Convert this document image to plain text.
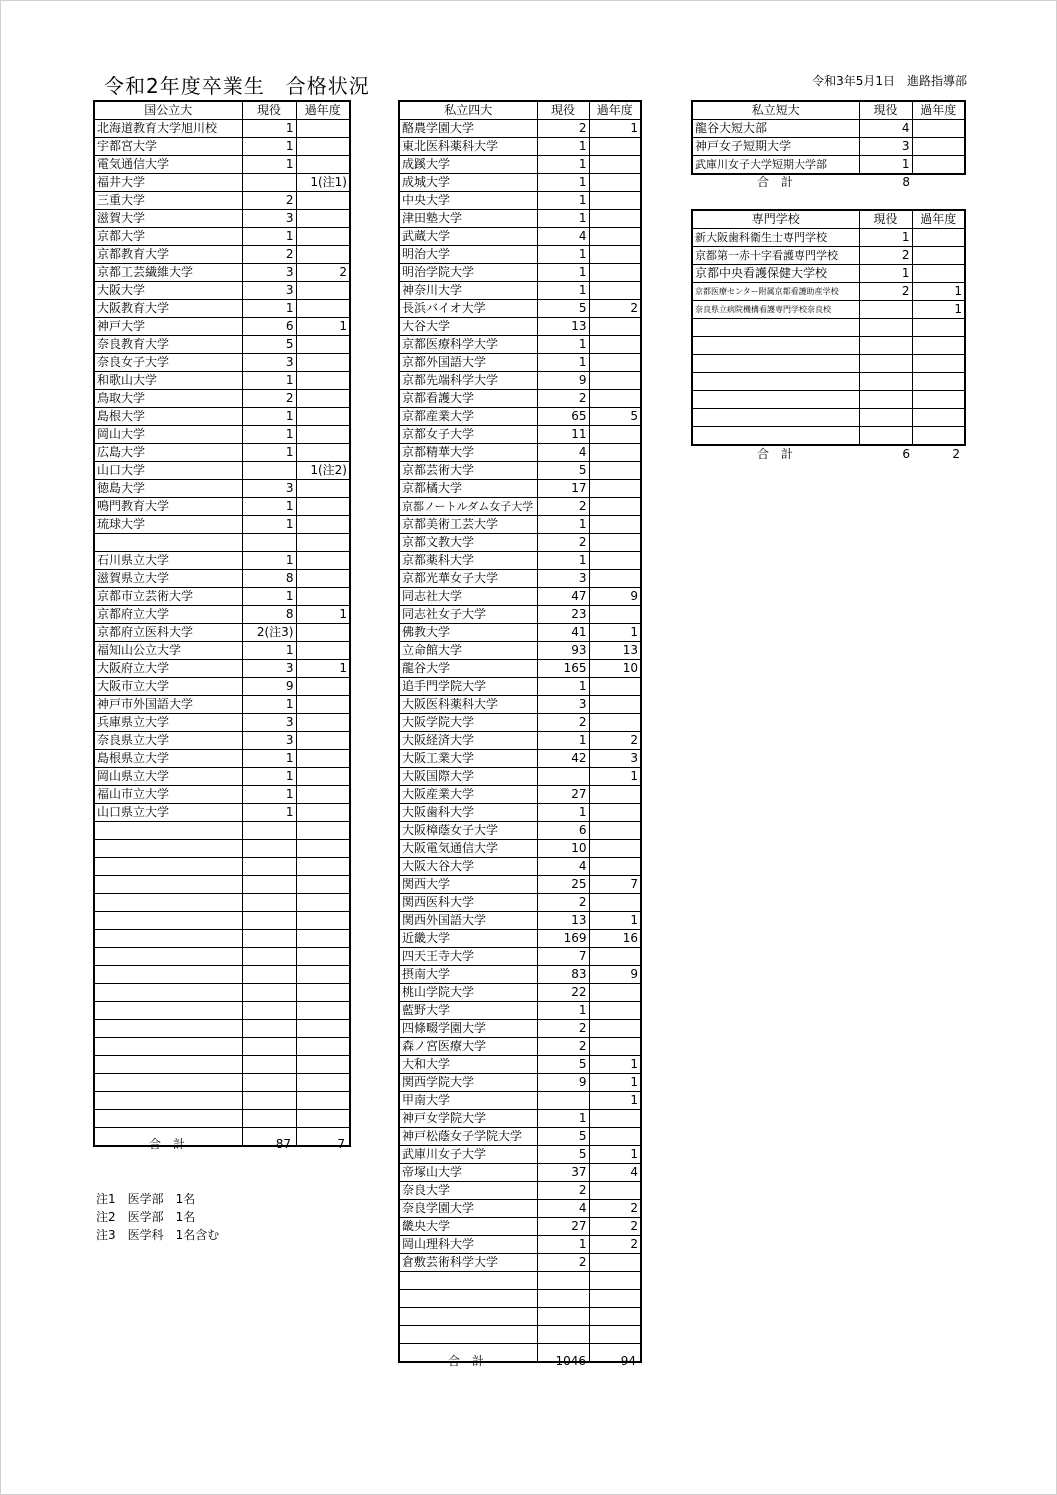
令和2年度卒業生　合格状況	令和3年5月1日　進路指導部
国公立大	現役	過年度
北海道教育大学旭川校	1	
宇都宮大学	1	
電気通信大学	1	
福井大学		1(注1)
三重大学	2	
滋賀大学	3	
京都大学	1	
京都教育大学	2	
京都工芸繊維大学	3	2
大阪大学	3	
大阪教育大学	1	
神戸大学	6	1
奈良教育大学	5	
奈良女子大学	3	
和歌山大学	1	
鳥取大学	2	
島根大学	1	
岡山大学	1	
広島大学	1	
山口大学		1(注2)
徳島大学	3	
鳴門教育大学	1	
琉球大学	1	

石川県立大学	1	
滋賀県立大学	8	
京都市立芸術大学	1	
京都府立大学	8	1
京都府立医科大学	2(注3)	
福知山公立大学	1	
大阪府立大学	3	1
大阪市立大学	9	
神戸市外国語大学	1	
兵庫県立大学	3	
奈良県立大学	3	
島根県立大学	1	
岡山県立大学	1	
福山市立大学	1	
山口県立大学	1	

合　計	87	7
私立四大	現役	過年度
酪農学園大学	2	1
東北医科薬科大学	1	
成蹊大学	1	
成城大学	1	
中央大学	1	
津田塾大学	1	
武蔵大学	4	
明治大学	1	
明治学院大学	1	
神奈川大学	1	
長浜バイオ大学	5	2
大谷大学	13	
京都医療科学大学	1	
京都外国語大学	1	
京都先端科学大学	9	
京都看護大学	2	
京都産業大学	65	5
京都女子大学	11	
京都精華大学	4	
京都芸術大学	5	
京都橘大学	17	
京都ノートルダム女子大学	2	
京都美術工芸大学	1	
京都文教大学	2	
京都薬科大学	1	
京都光華女子大学	3	
同志社大学	47	9
同志社女子大学	23	
佛教大学	41	1
立命館大学	93	13
龍谷大学	165	10
追手門学院大学	1	
大阪医科薬科大学	3	
大阪学院大学	2	
大阪経済大学	1	2
大阪工業大学	42	3
大阪国際大学		1
大阪産業大学	27	
大阪歯科大学	1	
大阪樟蔭女子大学	6	
大阪電気通信大学	10	
大阪大谷大学	4	
関西大学	25	7
関西医科大学	2	
関西外国語大学	13	1
近畿大学	169	16
四天王寺大学	7	
摂南大学	83	9
桃山学院大学	22	
藍野大学	1	
四條畷学園大学	2	
森ノ宮医療大学	2	
大和大学	5	1
関西学院大学	9	1
甲南大学		1
神戸女学院大学	1	
神戸松蔭女子学院大学	5	
武庫川女子大学	5	1
帝塚山大学	37	4
奈良大学	2	
奈良学園大学	4	2
畿央大学	27	2
岡山理科大学	1	2
倉敷芸術科学大学	2	

合　計	1046	94
私立短大	現役	過年度
龍谷大短大部	4	
神戸女子短期大学	3	
武庫川女子大学短期大学部	1	
合　計	8
専門学校	現役	過年度
新大阪歯科衛生士専門学校	1	
京都第一赤十字看護専門学校	2	
京都中央看護保健大学校	1	
京都医療センター附属京都看護助産学校	2	1
奈良県立病院機構看護専門学校奈良校		1

合　計	6	2
注1　医学部　1名
注2　医学部　1名
注3　医学科　1名含む
